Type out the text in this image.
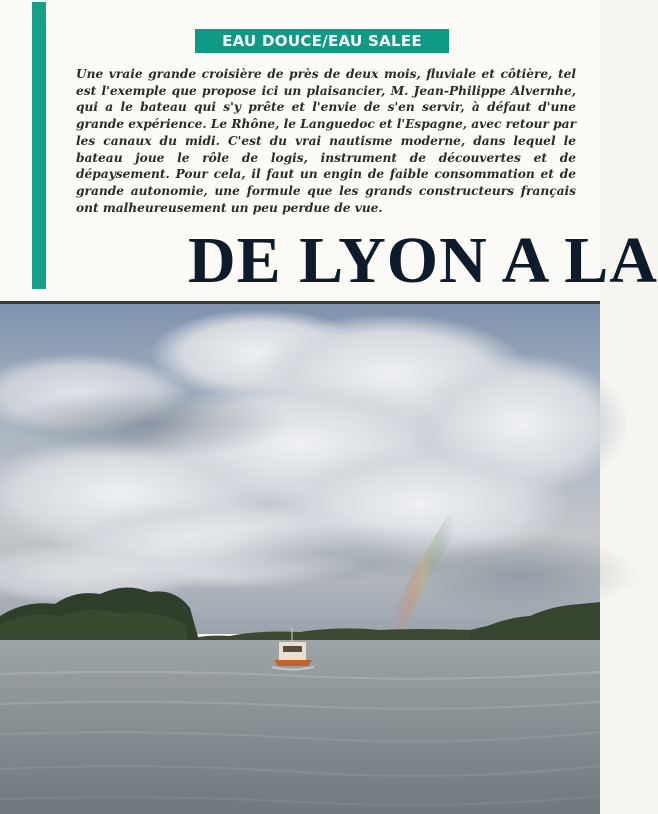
EAU DOUCE/EAU SALEE

Une vraie grande croisière de près de deux mois, fluviale et côtière, tel est l'exemple que propose ici un plaisancier, M. Jean-Philippe Alvernhe, qui a le bateau qui s'y prête et l'envie de s'en servir, à défaut d'une grande expérience. Le Rhône, le Languedoc et l'Espagne, avec retour par les canaux du midi. C'est du vrai nautisme moderne, dans lequel le bateau joue le rôle de logis, instrument de découvertes et de dépaysement. Pour cela, il faut un engin de faible consommation et de grande autonomie, une formule que les grands constructeurs français ont malheureusement un peu perdue de vue.

DE LYON A LA
